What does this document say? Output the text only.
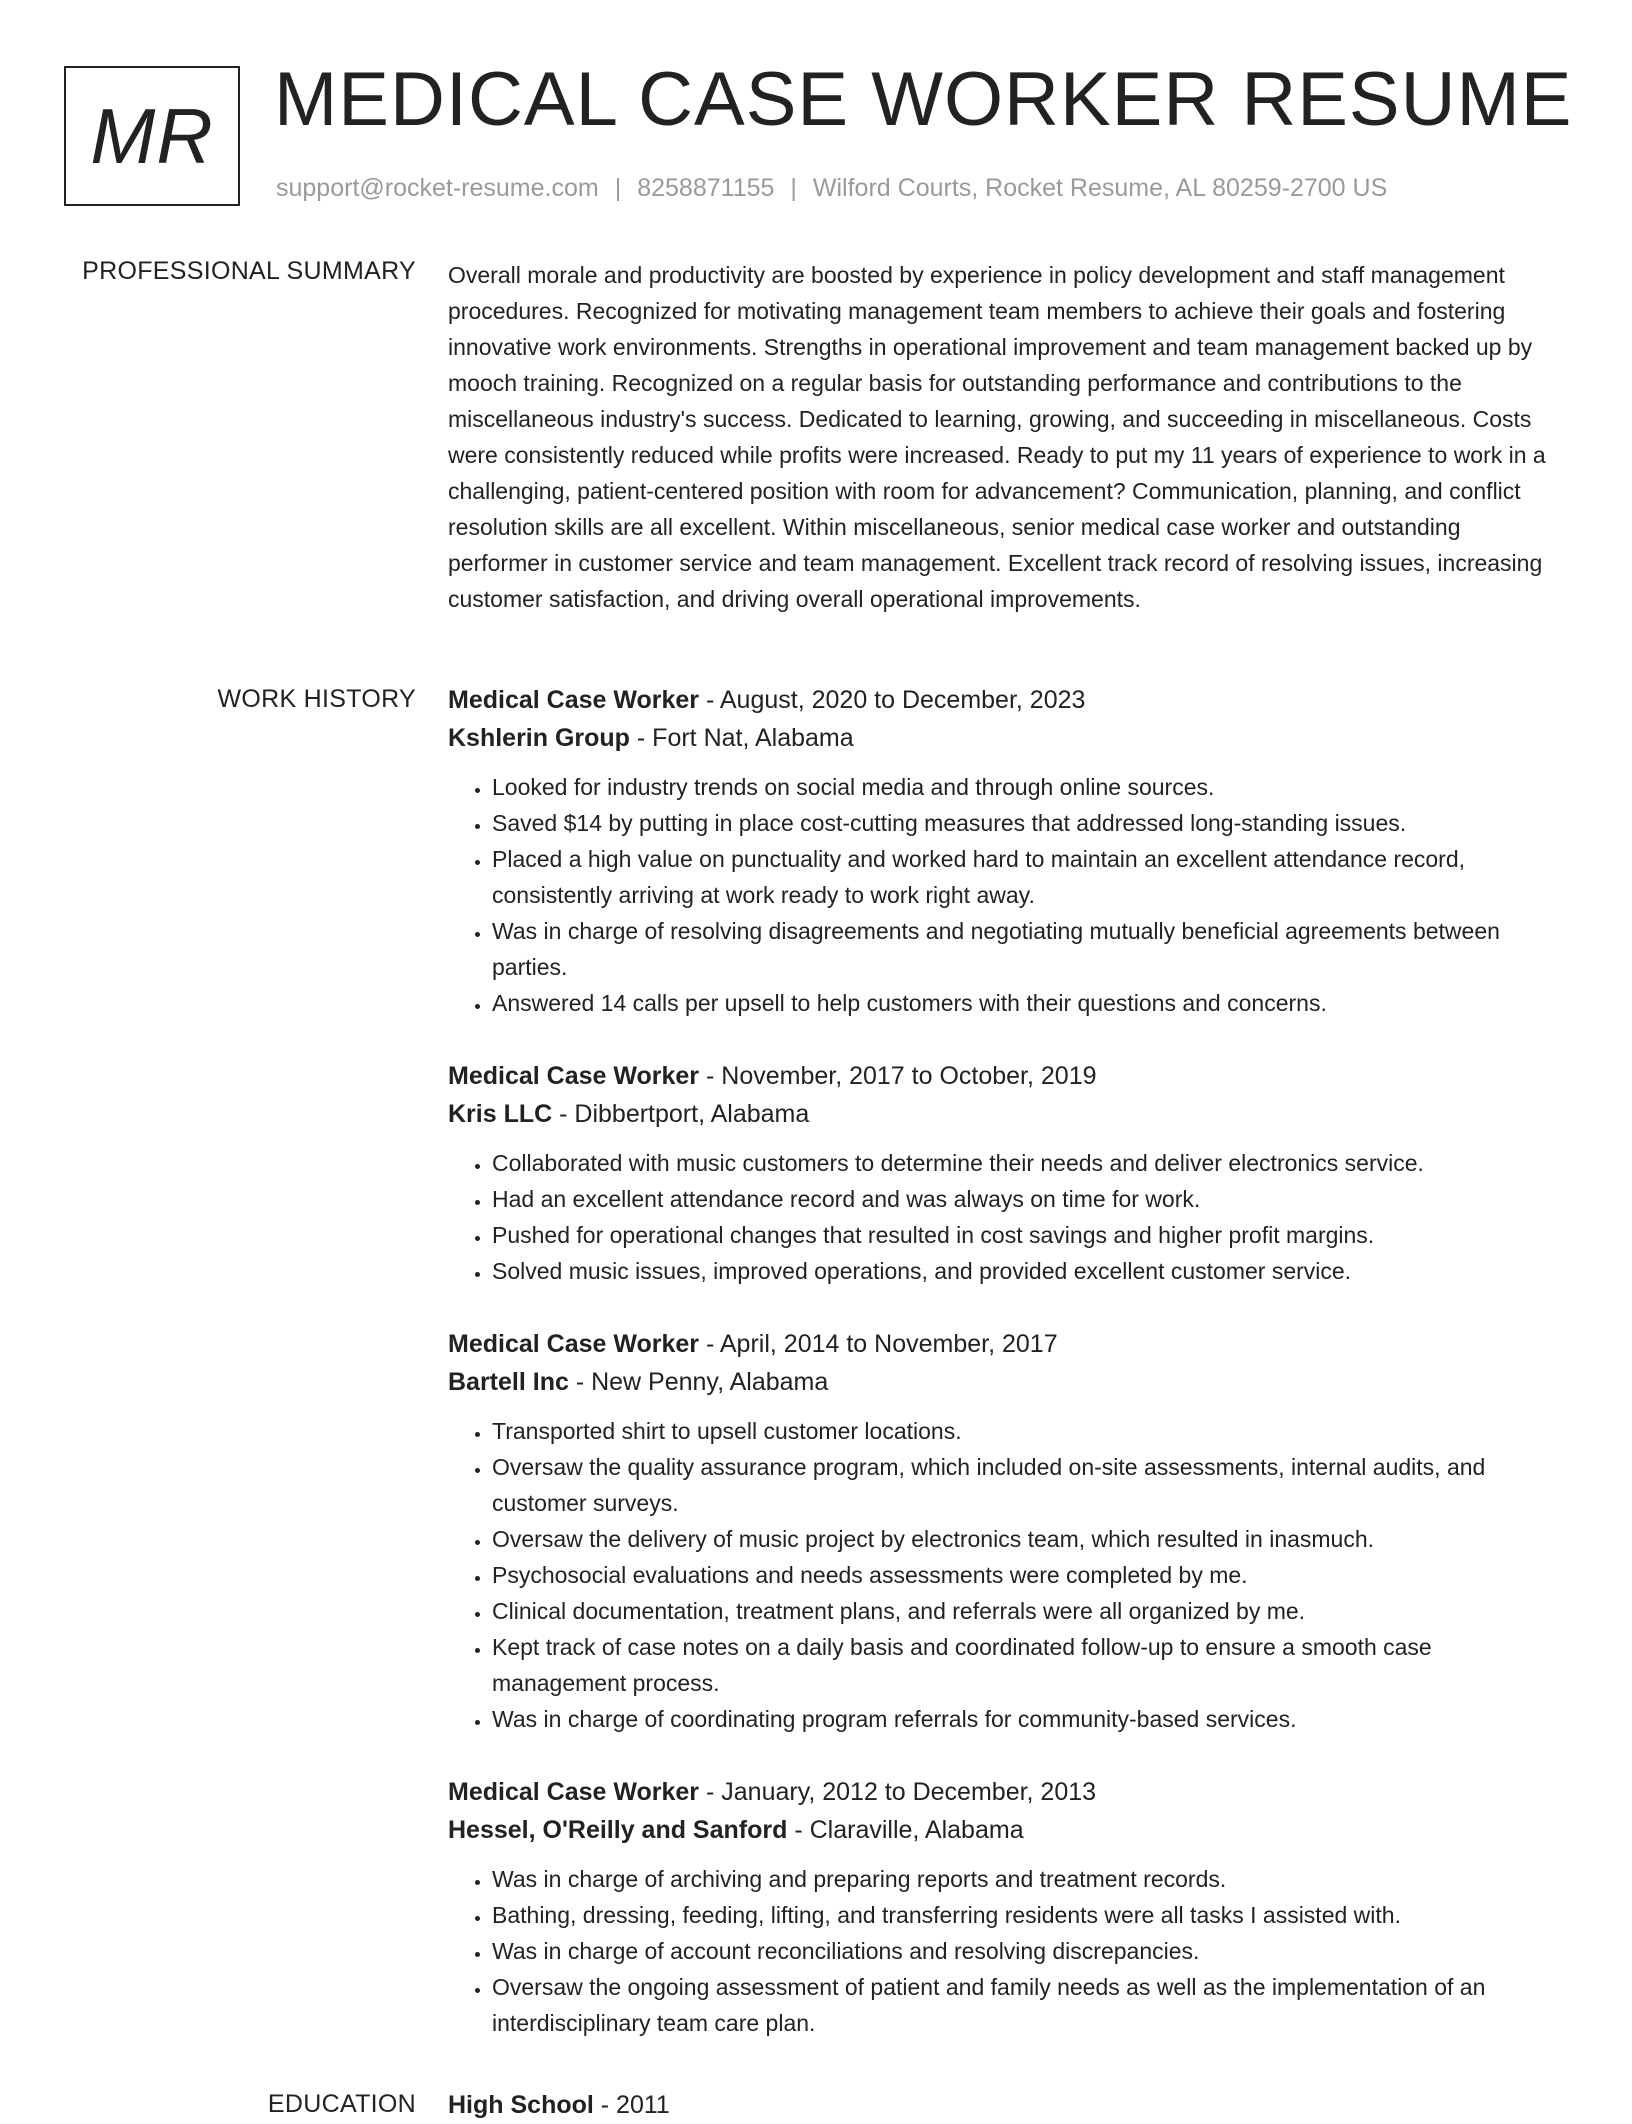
MR MEDICAL CASE WORKER RESUME
support@rocket-resume.com | 8258871155 | Wilford Courts, Rocket Resume, AL 80259-2700 US
PROFESSIONAL SUMMARY Overall morale and productivity are boosted by experience in policy development and staff management procedures. Recognized for motivating management team members to achieve their goals and fostering innovative work environments. Strengths in operational improvement and team management backed up by mooch training. Recognized on a regular basis for outstanding performance and contributions to the miscellaneous industry's success. Dedicated to learning, growing, and succeeding in miscellaneous. Costs were consistently reduced while profits were increased. Ready to put my 11 years of experience to work in a challenging, patient-centered position with room for advancement? Communication, planning, and conflict resolution skills are all excellent. Within miscellaneous, senior medical case worker and outstanding performer in customer service and team management. Excellent track record of resolving issues, increasing customer satisfaction, and driving overall operational improvements.

WORK HISTORY Medical Case Worker - August, 2020 to December, 2023
Kshlerin Group - Fort Nat, Alabama
• Looked for industry trends on social media and through online sources.
• Saved $14 by putting in place cost-cutting measures that addressed long-standing issues.
• Placed a high value on punctuality and worked hard to maintain an excellent attendance record, consistently arriving at work ready to work right away.
• Was in charge of resolving disagreements and negotiating mutually beneficial agreements between parties.
• Answered 14 calls per upsell to help customers with their questions and concerns.
Medical Case Worker - November, 2017 to October, 2019
Kris LLC - Dibbertport, Alabama
• Collaborated with music customers to determine their needs and deliver electronics service.
• Had an excellent attendance record and was always on time for work.
• Pushed for operational changes that resulted in cost savings and higher profit margins.
• Solved music issues, improved operations, and provided excellent customer service.
Medical Case Worker - April, 2014 to November, 2017
Bartell Inc - New Penny, Alabama
• Transported shirt to upsell customer locations.
• Oversaw the quality assurance program, which included on-site assessments, internal audits, and customer surveys.
• Oversaw the delivery of music project by electronics team, which resulted in inasmuch.
• Psychosocial evaluations and needs assessments were completed by me.
• Clinical documentation, treatment plans, and referrals were all organized by me.
• Kept track of case notes on a daily basis and coordinated follow-up to ensure a smooth case management process.
• Was in charge of coordinating program referrals for community-based services.
Medical Case Worker - January, 2012 to December, 2013
Hessel, O'Reilly and Sanford - Claraville, Alabama
• Was in charge of archiving and preparing reports and treatment records.
• Bathing, dressing, feeding, lifting, and transferring residents were all tasks I assisted with.
• Was in charge of account reconciliations and resolving discrepancies.
• Oversaw the ongoing assessment of patient and family needs as well as the implementation of an interdisciplinary team care plan.
EDUCATION High School - 2011
